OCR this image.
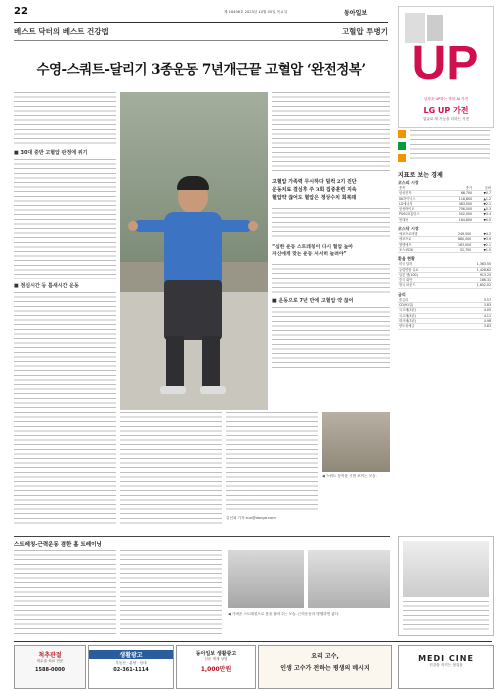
22	제 16496호 2023년 10월 05일 목요일	동아일보
베스트 닥터의 베스트 건강법	고혈압 투병기
수영-스쿼트-달리기 3종운동 7년개근끝 고혈압 ‘완전정복’
■ 30대 중반 고혈압 판정에 위기
■ 점심시간 등 틈새시간 운동
고혈압 가족력 무시하다 덜컥 2기 진단
운동치료 결심후 주 3회 집중훈련 지속
혈압약 끊어도 혈압은 정상수치 회복돼
“심한 운동 스트레칭이 다시 혈압 높아
자신에게 맞는 운동 서서히 늘려야”
■ 운동으로 7년 만에 고혈압 약 끊어
◀ 스쿼트 동작을 시범 보이는 모습.
김선희 기자 sun@donga.com
스트레칭-근력운동 겸한 홈 트레이닝
◀ 가벼운 스트레칭으로 몸을 풀어주는 모습. 근력운동과 병행하면 좋다.
UP
일상을 UP하는 착한 AI 가전
LG UP 가전
업글로 새 기능을 더하는 가전
지표로 보는 경제
코스피 시장
종목	종가	등락
삼성전자	66,700	▼0.7
SK하이닉스	118,800	▲1.2
LG에너지	463,000	▼2.1
삼성바이오	706,000	▲0.3
POSCO홀딩스	502,000	▼3.4
현대차	184,800	▼0.5
코스닥 시장
에코프로비엠	249,500	▼4.2
에코프로	880,000	▼3.9
엘앤에프	163,000	▼2.1
포스코DX	52,700	▼1.5
환율 현황
미국 달러	1,363.50
유럽연합 유로	1,428.62
일본 엔(100)	913.25
중국 위안	186.31
영국 파운드	1,652.02
금리
콜금리	3.57
CD(91일)	3.83
국고채(3년)	4.05
국고채(5년)	4.11
회사채(3년)	4.98
양도성예금	3.83
척추관절
비수술 치료 전문
1588-0000
생활광고
부동산 · 분양 · 임대
02-361-1114
동아일보 생활광고
신문 게재 상담
1,000만원
요리 고수,
인생 고수가 전하는 평생의 메시지
MEDI CINE
건강을 지키는 첫걸음
